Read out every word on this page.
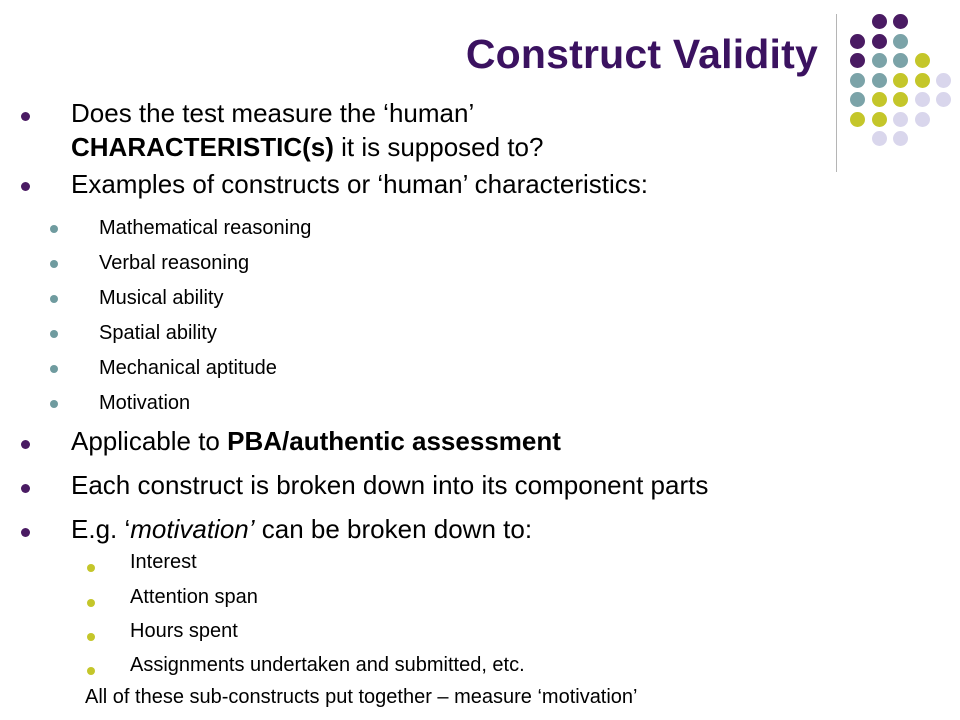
Construct Validity
Does the test measure the ‘human’
CHARACTERISTIC(s) it is supposed to?
Examples of constructs or ‘human’ characteristics:
Mathematical reasoning
Verbal reasoning
Musical ability
Spatial ability
Mechanical aptitude
Motivation
Applicable to PBA/authentic assessment
Each construct is broken down into its component parts
E.g. ‘motivation’ can be broken down to:
Interest
Attention span
Hours spent
Assignments undertaken and submitted, etc.
All of these sub-constructs put together – measure ‘motivation’
